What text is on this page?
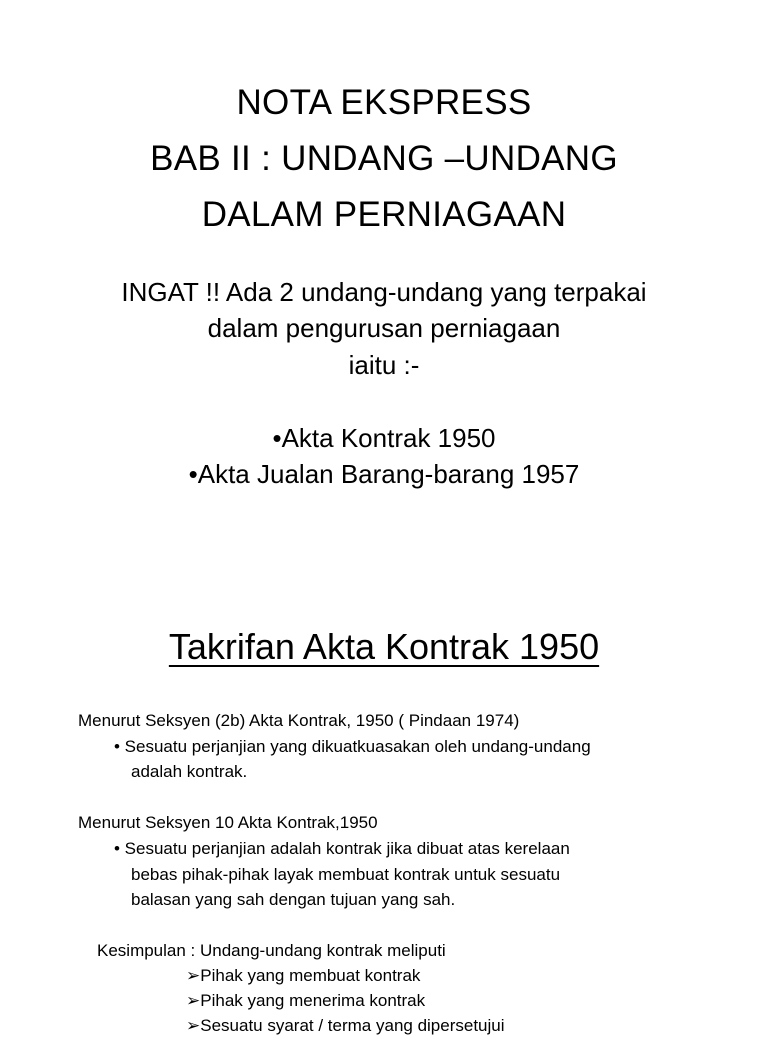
NOTA EKSPRESS
BAB II : UNDANG –UNDANG
DALAM PERNIAGAAN
INGAT !! Ada 2 undang-undang yang terpakai
dalam pengurusan perniagaan
iaitu :-
•Akta Kontrak 1950
•Akta Jualan Barang-barang 1957
Takrifan Akta Kontrak 1950
Menurut Seksyen (2b) Akta Kontrak, 1950 ( Pindaan 1974)
• Sesuatu perjanjian yang dikuatkuasakan oleh undang-undang
adalah kontrak.
Menurut Seksyen 10 Akta Kontrak,1950
• Sesuatu perjanjian adalah kontrak jika dibuat atas kerelaan
bebas pihak-pihak layak membuat kontrak untuk sesuatu
balasan yang sah dengan tujuan yang sah.
Kesimpulan : Undang-undang kontrak meliputi
➢Pihak yang membuat kontrak
➢Pihak yang menerima kontrak
➢Sesuatu syarat / terma yang dipersetujui
